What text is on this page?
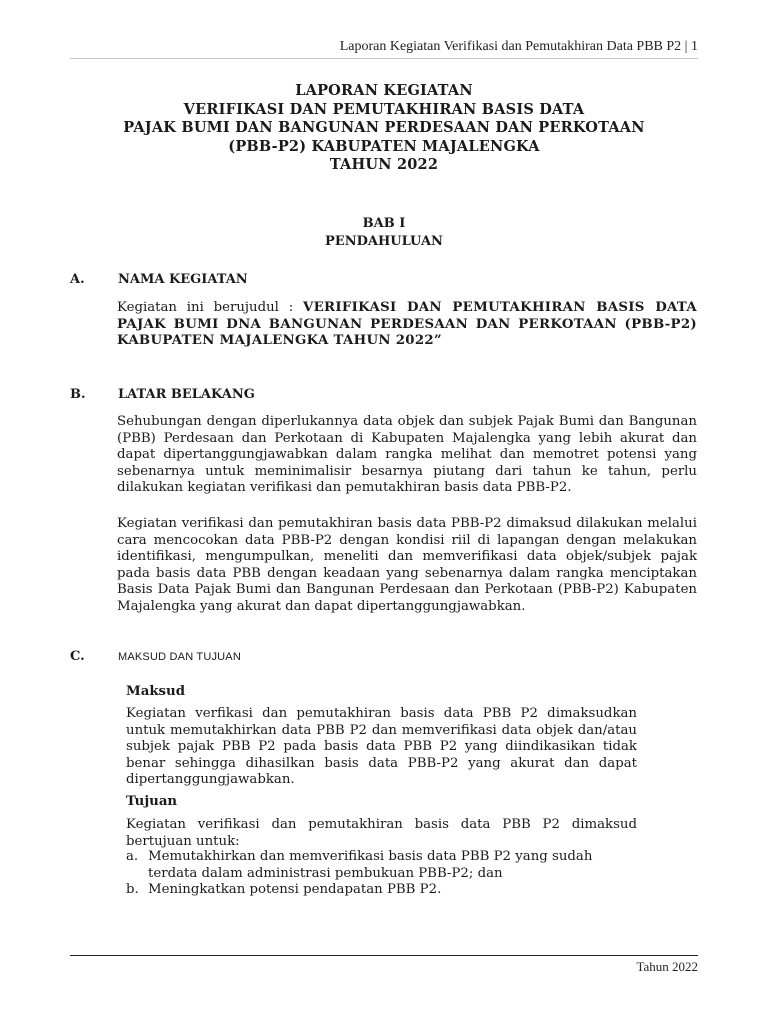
Laporan Kegiatan Verifikasi dan Pemutakhiran Data PBB P2 | 1
LAPORAN KEGIATAN
VERIFIKASI DAN PEMUTAKHIRAN BASIS DATA
PAJAK BUMI DAN BANGUNAN PERDESAAN DAN PERKOTAAN
(PBB-P2) KABUPATEN MAJALENGKA
TAHUN 2022
BAB I
PENDAHULUAN
A.	NAMA KEGIATAN

Kegiatan ini berujudul : VERIFIKASI DAN PEMUTAKHIRAN BASIS DATA PAJAK BUMI DNA BANGUNAN PERDESAAN DAN PERKOTAAN (PBB-P2) KABUPATEN MAJALENGKA TAHUN 2022”

B. LATAR BELAKANG

Sehubungan dengan diperlukannya data objek dan subjek Pajak Bumi dan Bangunan (PBB) Perdesaan dan Perkotaan di Kabupaten Majalengka yang lebih akurat dan dapat dipertanggungjawabkan dalam rangka melihat dan memotret potensi yang sebenarnya untuk meminimalisir besarnya piutang dari tahun ke tahun, perlu dilakukan kegiatan verifikasi dan pemutakhiran basis data PBB-P2.

Kegiatan verifikasi dan pemutakhiran basis data PBB-P2 dimaksud dilakukan melalui cara mencocokan data PBB-P2 dengan kondisi riil di lapangan dengan melakukan identifikasi, mengumpulkan, meneliti dan memverifikasi data objek/subjek pajak pada basis data PBB dengan keadaan yang sebenarnya dalam rangka menciptakan Basis Data Pajak Bumi dan Bangunan Perdesaan dan Perkotaan (PBB-P2) Kabupaten Majalengka yang akurat dan dapat dipertanggungjawabkan.

C.	MAKSUD DAN TUJUAN
Maksud

Kegiatan verfikasi dan pemutakhiran basis data PBB P2 dimaksudkan untuk memutakhirkan data PBB P2 dan memverifikasi data objek dan/atau subjek pajak PBB P2 pada basis data PBB P2 yang diindikasikan tidak benar sehingga dihasilkan basis data PBB-P2 yang akurat dan dapat dipertanggungjawabkan.

Tujuan

Kegiatan verifikasi dan pemutakhiran basis data PBB P2 dimaksud bertujuan untuk:

a. Memutakhirkan dan memverifikasi basis data PBB P2 yang sudah terdata dalam administrasi pembukuan PBB-P2; dan
b. Meningkatkan potensi pendapatan PBB P2.
Tahun 2022
